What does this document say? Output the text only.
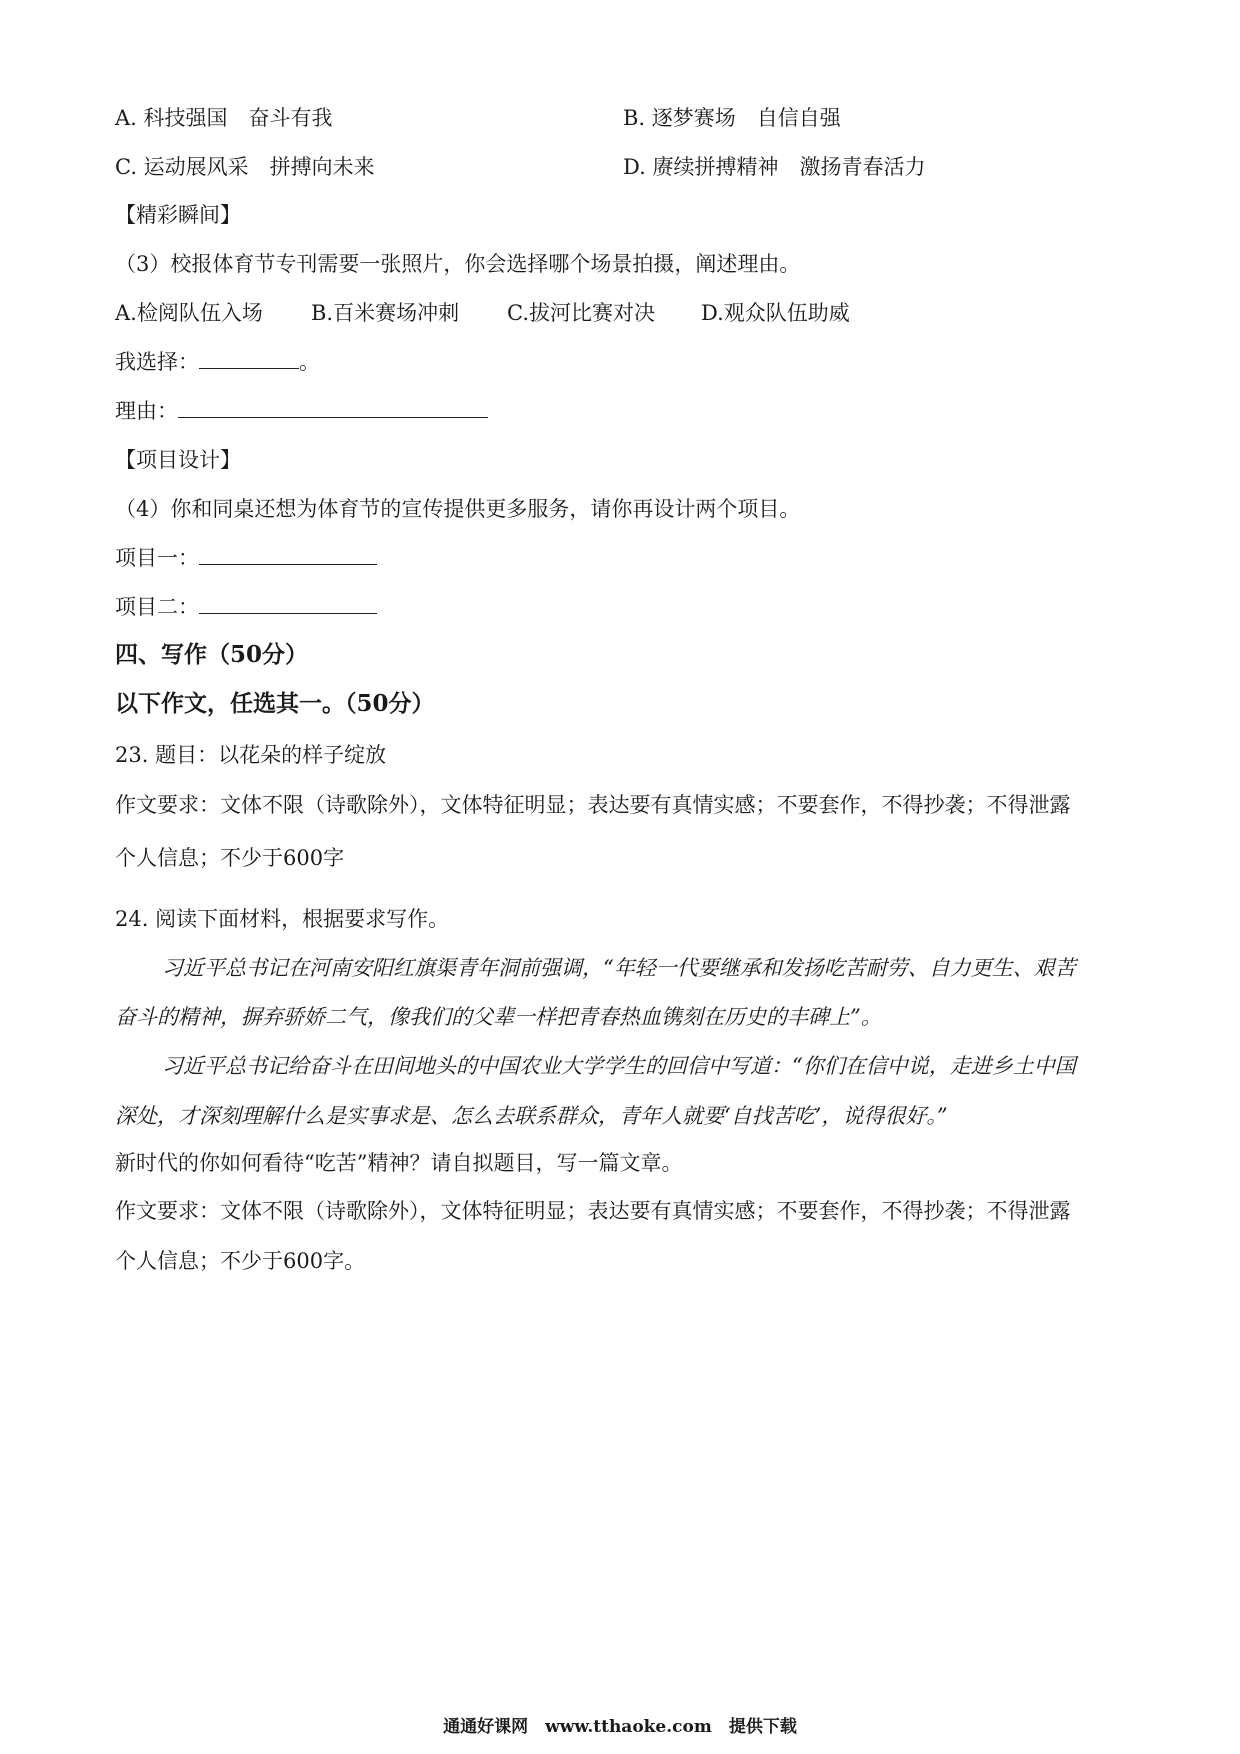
A. 科技强国　奋斗有我	B. 逐梦赛场　自信自强
C. 运动展风采　拼搏向未来	D. 赓续拼搏精神　激扬青春活力
【精彩瞬间】
（3）校报体育节专刊需要一张照片，你会选择哪个场景拍摄，阐述理由。
A.检阅队伍入场 B.百米赛场冲刺 C.拔河比赛对决 D.观众队伍助威
我选择：	。
理由：
【项目设计】
（4）你和同桌还想为体育节的宣传提供更多服务，请你再设计两个项目。
项目一：
项目二：
四、写作（50分）
以下作文，任选其一。（50分）
23. 题目：以花朵的样子绽放
作文要求：文体不限（诗歌除外），文体特征明显；表达要有真情实感；不要套作，不得抄袭；不得泄露
个人信息；不少于600字
24. 阅读下面材料，根据要求写作。
习近平总书记在河南安阳红旗渠青年洞前强调，“年轻一代要继承和发扬吃苦耐劳、自力更生、艰苦
奋斗的精神，摒弃骄娇二气，像我们的父辈一样把青春热血镌刻在历史的丰碑上”。
习近平总书记给奋斗在田间地头的中国农业大学学生的回信中写道：“你们在信中说，走进乡土中国
深处，才深刻理解什么是实事求是、怎么去联系群众，青年人就要‘自找苦吃’，说得很好。”
新时代的你如何看待“吃苦”精神？请自拟题目，写一篇文章。
作文要求：文体不限（诗歌除外），文体特征明显；表达要有真情实感；不要套作，不得抄袭；不得泄露
个人信息；不少于600字。
通通好课网　www.tthaoke.com　提供下载
